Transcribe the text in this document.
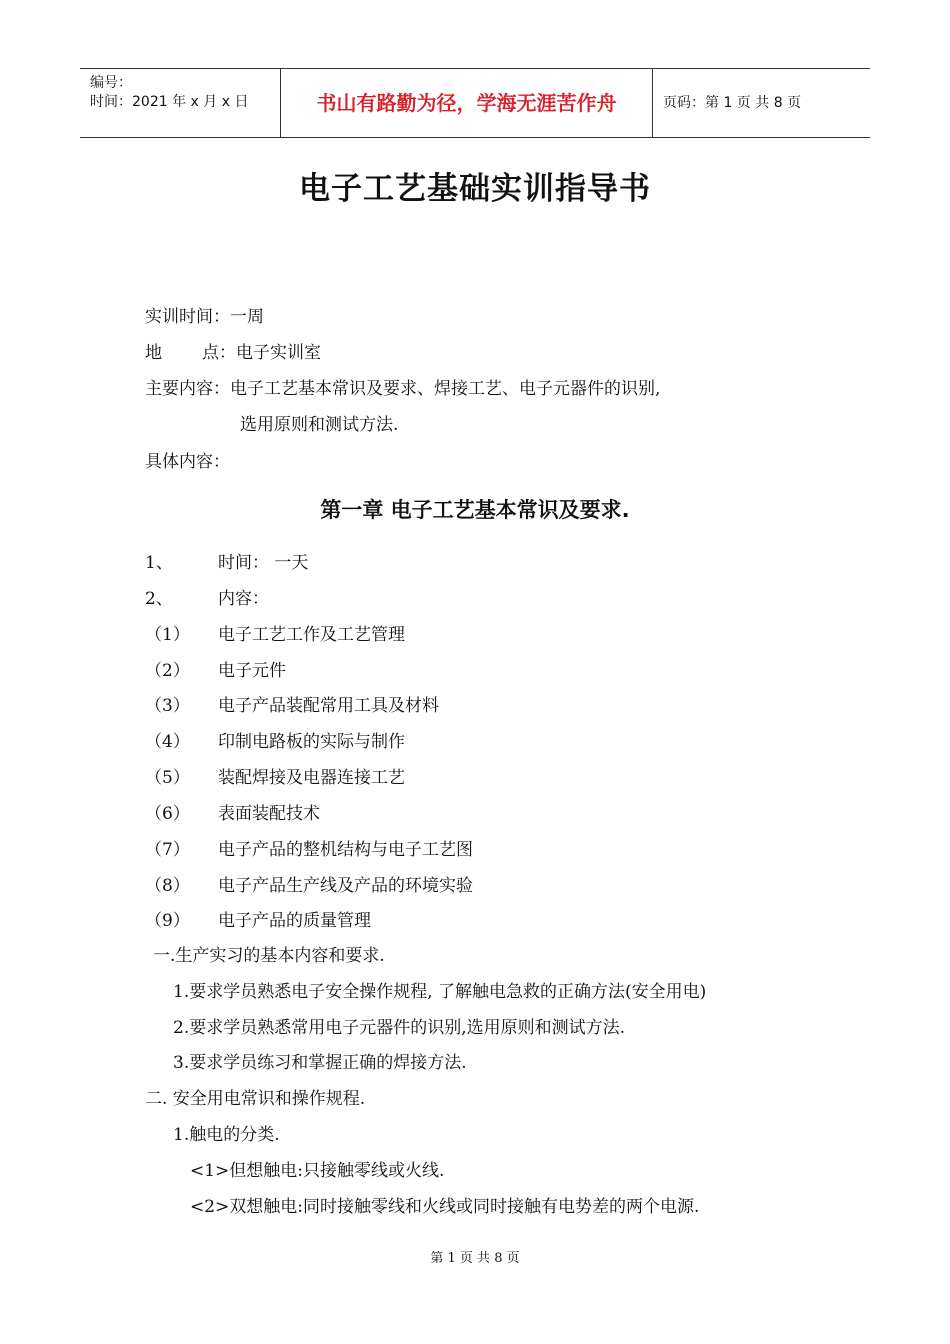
编号：
时间：2021 年 x 月 x 日	书山有路勤为径，学海无涯苦作舟	页码：第 1 页 共 8 页
电子工艺基础实训指导书
实训时间：一周
地 点：电子实训室
主要内容：电子工艺基本常识及要求、焊接工艺、电子元器件的识别,
选用原则和测试方法.
具体内容：
第一章 电子工艺基本常识及要求.
1、	时间： 一天
2、	内容：
（1） 电子工艺工作及工艺管理
（2） 电子元件
（3） 电子产品装配常用工具及材料
（4） 印制电路板的实际与制作
（5） 装配焊接及电器连接工艺
（6） 表面装配技术
（7） 电子产品的整机结构与电子工艺图
（8） 电子产品生产线及产品的环境实验
（9） 电子产品的质量管理
一.生产实习的基本内容和要求.
1.要求学员熟悉电子安全操作规程, 了解触电急救的正确方法(安全用电)
2.要求学员熟悉常用电子元器件的识别,选用原则和测试方法.
3.要求学员练习和掌握正确的焊接方法.
二. 安全用电常识和操作规程.
1.触电的分类.
<1>但想触电:只接触零线或火线.
<2>双想触电:同时接触零线和火线或同时接触有电势差的两个电源.
第 1 页 共 8 页
